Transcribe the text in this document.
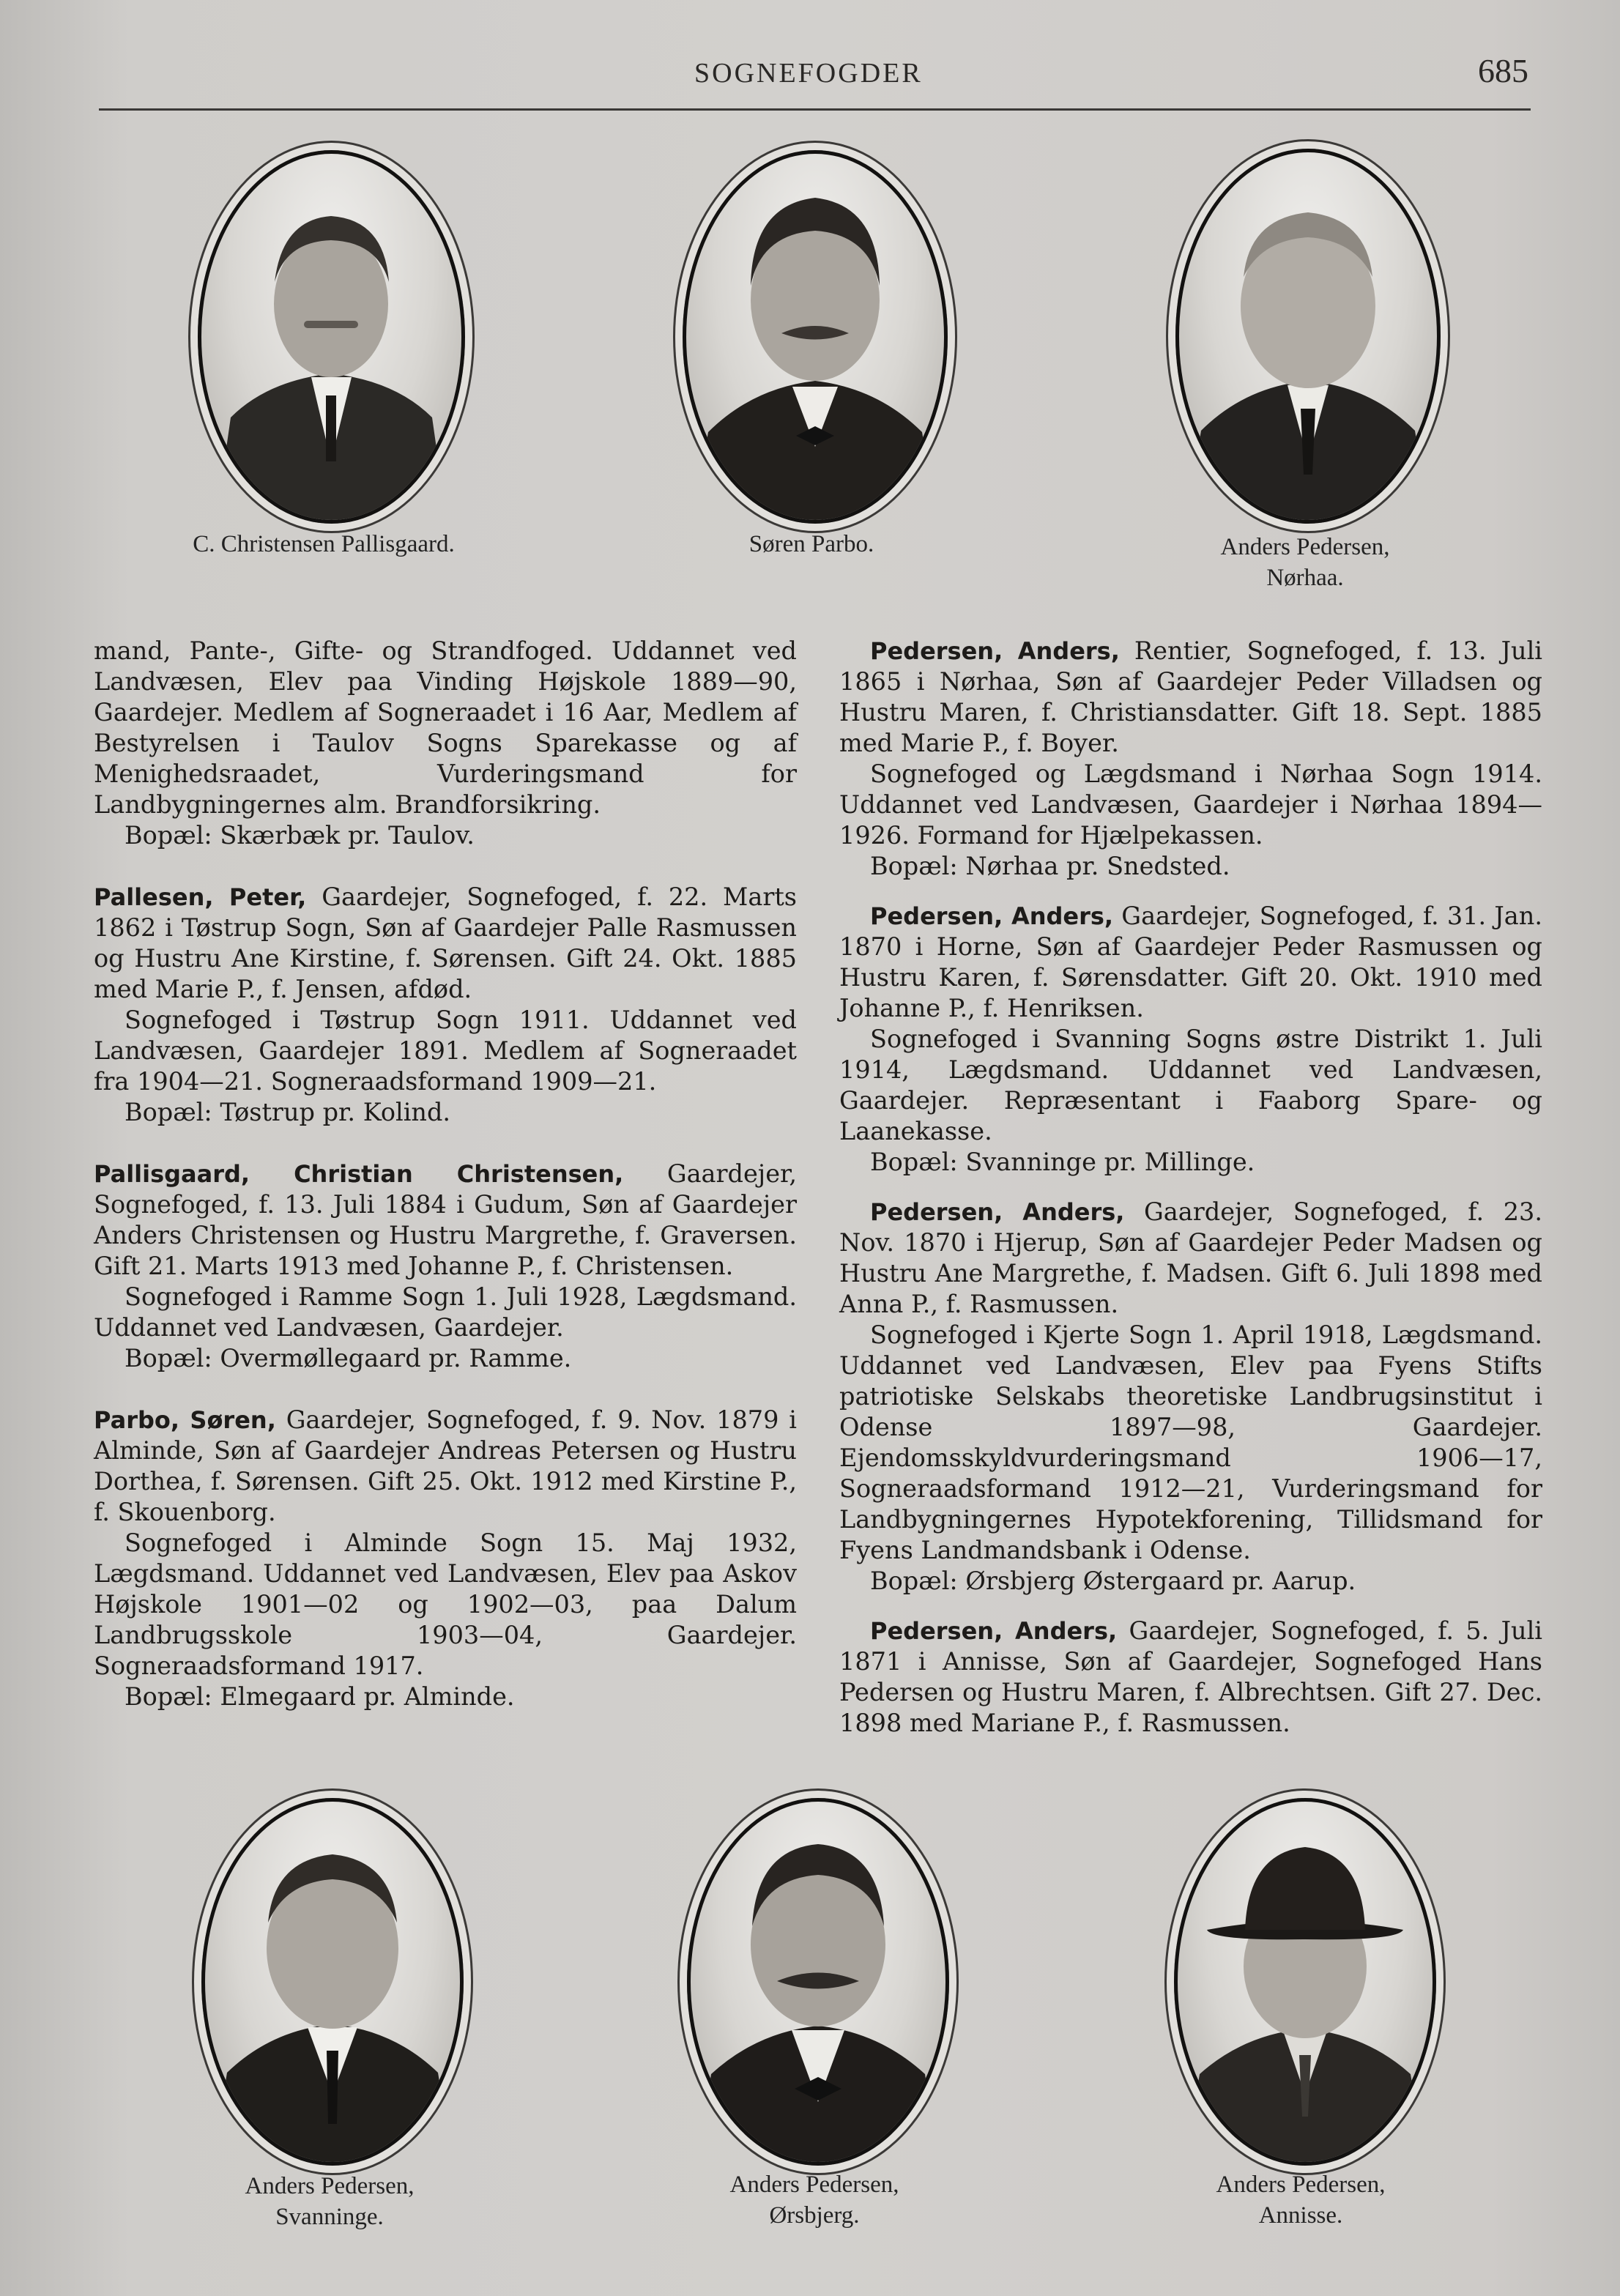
SOGNEFOGDER	685
C. Christensen Pallisgaard.	Søren Parbo.	Anders Pedersen,
Nørhaa.

mand, Pante-, Gifte- og Strandfoged. Uddannet ved Landvæsen, Elev paa Vinding Højskole 1889—90, Gaardejer. Medlem af Sogneraadet i 16 Aar, Medlem af Bestyrelsen i Taulov Sogns Sparekasse og af Menighedsraadet, Vurderingsmand for Landbygningernes alm. Brandforsikring.

Bopæl: Skærbæk pr. Taulov.

Pallesen, Peter, Gaardejer, Sognefoged, f. 22. Marts 1862 i Tøstrup Sogn, Søn af Gaardejer Palle Rasmussen og Hustru Ane Kirstine, f. Sørensen. Gift 24. Okt. 1885 med Marie P., f. Jensen, afdød.

Sognefoged i Tøstrup Sogn 1911. Uddannet ved Landvæsen, Gaardejer 1891. Medlem af Sogneraadet fra 1904—21. Sogneraadsformand 1909—21.

Bopæl: Tøstrup pr. Kolind.

Pallisgaard, Christian Christensen, Gaardejer, Sognefoged, f. 13. Juli 1884 i Gudum, Søn af Gaardejer Anders Christensen og Hustru Margrethe, f. Graversen. Gift 21. Marts 1913 med Johanne P., f. Christensen.

Sognefoged i Ramme Sogn 1. Juli 1928, Lægdsmand. Uddannet ved Landvæsen, Gaardejer.

Bopæl: Overmøllegaard pr. Ramme.

Parbo, Søren, Gaardejer, Sognefoged, f. 9. Nov. 1879 i Alminde, Søn af Gaardejer Andreas Petersen og Hustru Dorthea, f. Sørensen. Gift 25. Okt. 1912 med Kirstine P., f. Skouenborg.

Sognefoged i Alminde Sogn 15. Maj 1932, Lægdsmand. Uddannet ved Landvæsen, Elev paa Askov Højskole 1901—02 og 1902—03, paa Dalum Landbrugsskole 1903—04, Gaardejer. Sogneraadsformand 1917.

Bopæl: Elmegaard pr. Alminde.

Pedersen, Anders, Rentier, Sognefoged, f. 13. Juli 1865 i Nørhaa, Søn af Gaardejer Peder Villadsen og Hustru Maren, f. Christiansdatter. Gift 18. Sept. 1885 med Marie P., f. Boyer.

Sognefoged og Lægdsmand i Nørhaa Sogn 1914. Uddannet ved Landvæsen, Gaardejer i Nørhaa 1894—1926. Formand for Hjælpekassen.

Bopæl: Nørhaa pr. Snedsted.

Pedersen, Anders, Gaardejer, Sognefoged, f. 31. Jan. 1870 i Horne, Søn af Gaardejer Peder Rasmussen og Hustru Karen, f. Sørensdatter. Gift 20. Okt. 1910 med Johanne P., f. Henriksen.

Sognefoged i Svanning Sogns østre Distrikt 1. Juli 1914, Lægdsmand. Uddannet ved Landvæsen, Gaardejer. Repræsentant i Faaborg Spare- og Laanekasse.

Bopæl: Svanninge pr. Millinge.

Pedersen, Anders, Gaardejer, Sognefoged, f. 23. Nov. 1870 i Hjerup, Søn af Gaardejer Peder Madsen og Hustru Ane Margrethe, f. Madsen. Gift 6. Juli 1898 med Anna P., f. Rasmussen.

Sognefoged i Kjerte Sogn 1. April 1918, Lægdsmand. Uddannet ved Landvæsen, Elev paa Fyens Stifts patriotiske Selskabs theoretiske Landbrugsinstitut i Odense 1897—98, Gaardejer. Ejendomsskyldvurderingsmand 1906—17, Sogneraadsformand 1912—21, Vurderingsmand for Landbygningernes Hypotekforening, Tillidsmand for Fyens Landmandsbank i Odense.

Bopæl: Ørsbjerg Østergaard pr. Aarup.

Pedersen, Anders, Gaardejer, Sognefoged, f. 5. Juli 1871 i Annisse, Søn af Gaardejer, Sognefoged Hans Pedersen og Hustru Maren, f. Albrechtsen. Gift 27. Dec. 1898 med Mariane P., f. Rasmussen.

Anders Pedersen,
Svanninge.
Anders Pedersen,
Ørsbjerg.
Anders Pedersen,
Annisse.
